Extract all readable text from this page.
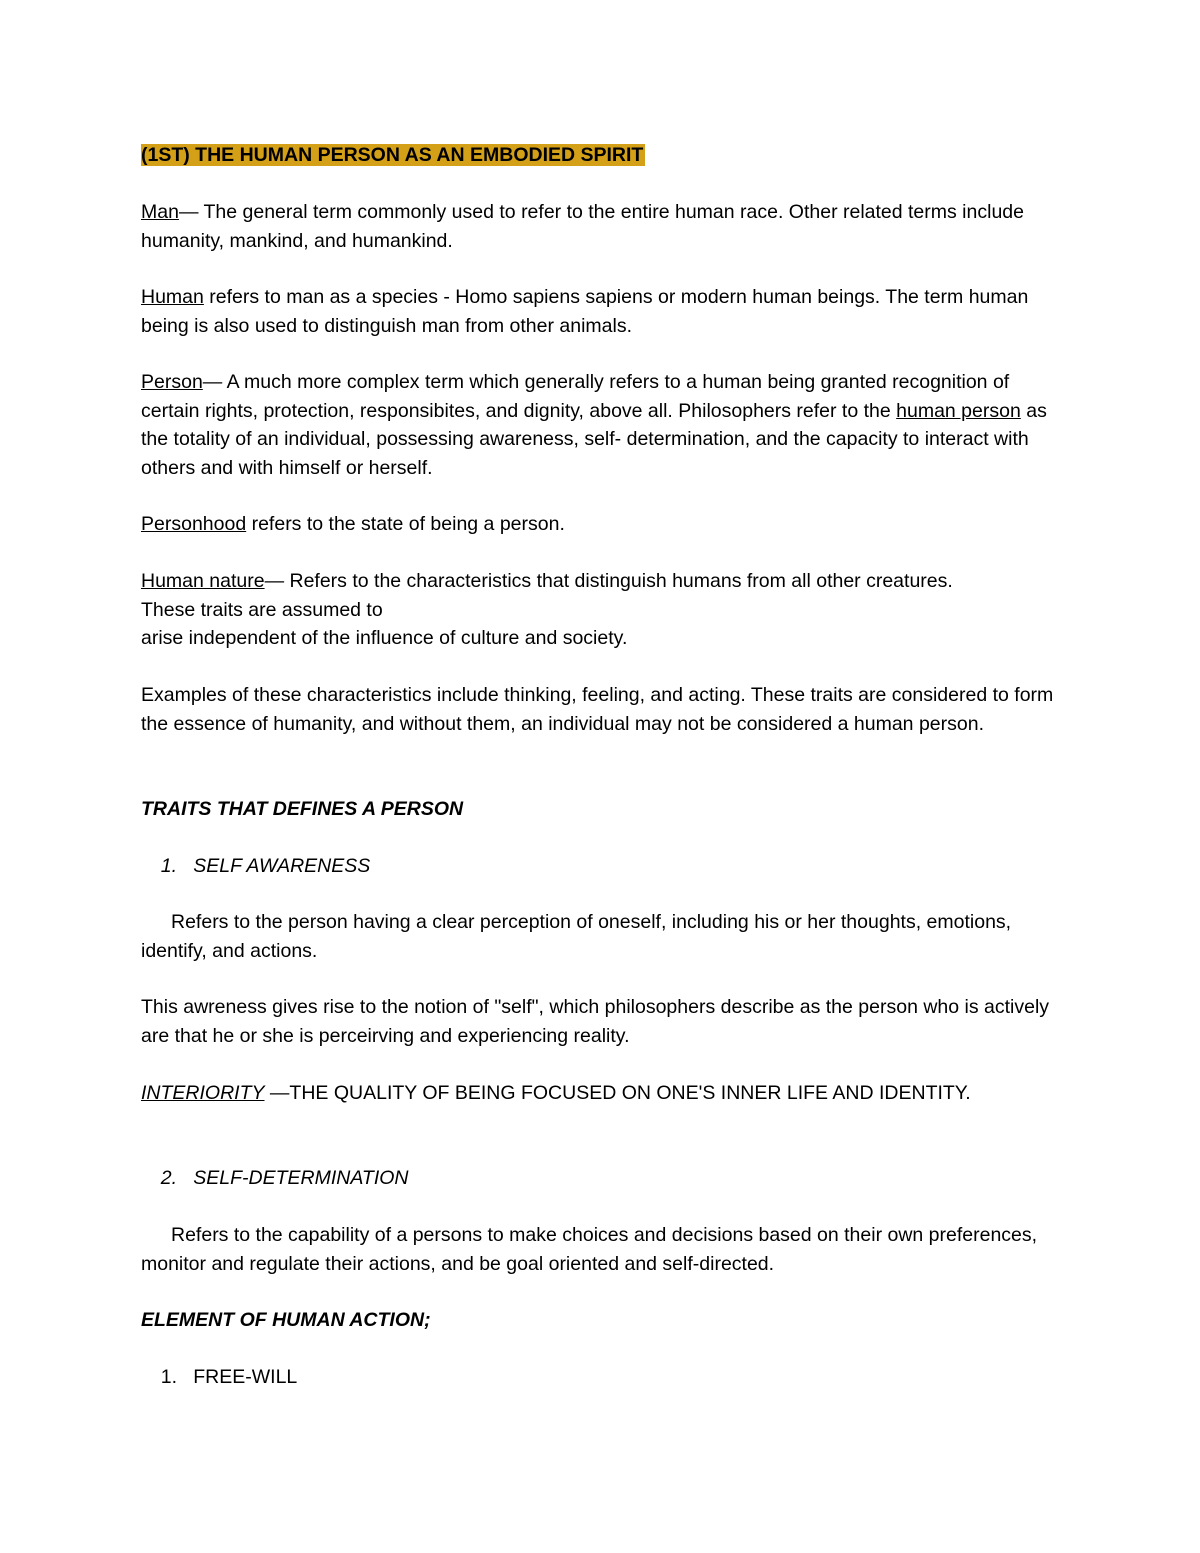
(1ST) THE HUMAN PERSON AS AN EMBODIED SPIRIT
Man— The general term commonly used to refer to the entire human race. Other related terms include humanity, mankind, and humankind.
Human refers to man as a species - Homo sapiens sapiens or modern human beings. The term human being is also used to distinguish man from other animals.
Person— A much more complex term which generally refers to a human being granted recognition of certain rights, protection, responsibites, and dignity, above all. Philosophers refer to the human person as the totality of an individual, possessing awareness, self- determination, and the capacity to interact with others and with himself or herself.
Personhood refers to the state of being a person.
Human nature— Refers to the characteristics that distinguish humans from all other creatures.
These traits are assumed to
arise independent of the influence of culture and society.
Examples of these characteristics include thinking, feeling, and acting. These traits are considered to form the essence of humanity, and without them, an individual may not be considered a human person.
TRAITS THAT DEFINES A PERSON
1. SELF AWARENESS
Refers to the person having a clear perception of oneself, including his or her thoughts, emotions, identify, and actions.
This awreness gives rise to the notion of "self", which philosophers describe as the person who is actively are that he or she is perceirving and experiencing reality.
INTERIORITY —THE QUALITY OF BEING FOCUSED ON ONE'S INNER LIFE AND IDENTITY.
2. SELF-DETERMINATION
Refers to the capability of a persons to make choices and decisions based on their own preferences, monitor and regulate their actions, and be goal oriented and self-directed.
ELEMENT OF HUMAN ACTION;
1. FREE-WILL
